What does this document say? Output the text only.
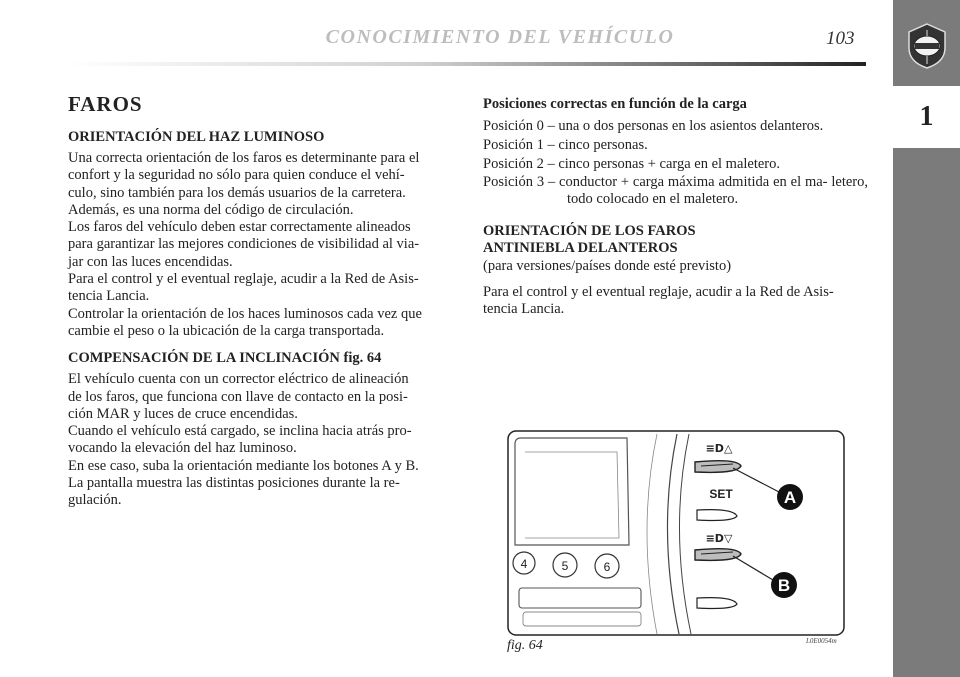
CONOCIMIENTO DEL VEHÍCULO	103
1
FAROS
ORIENTACIÓN DEL HAZ LUMINOSO

Una correcta orientación de los faros es determinante para el
confort y la seguridad no sólo para quien conduce el vehí-
culo, sino también para los demás usuarios de la carretera.
Además, es una norma del código de circulación.
Los faros del vehículo deben estar correctamente alineados
para garantizar las mejores condiciones de visibilidad al via-
jar con las luces encendidas.
Para el control y el eventual reglaje, acudir a la Red de Asis-
tencia Lancia.
Controlar la orientación de los haces luminosos cada vez que
cambie el peso o la ubicación de la carga transportada.

COMPENSACIÓN DE LA INCLINACIÓN fig. 64

El vehículo cuenta con un corrector eléctrico de alineación
de los faros, que funciona con llave de contacto en la posi-
ción MAR y luces de cruce encendidas.
Cuando el vehículo está cargado, se inclina hacia atrás pro-
vocando la elevación del haz luminoso.
En ese caso, suba la orientación mediante los botones A y B.
La pantalla muestra las distintas posiciones durante la re-
gulación.

Posiciones correctas en función de la carga

Posición 0 – una o dos personas en los asientos delanteros.

Posición 1 – cinco personas.

Posición 2 – cinco personas + carga en el maletero.

Posición 3 – conductor + carga máxima admitida en el ma- letero, todo colocado en el maletero.

ORIENTACIÓN DE LOS FAROS
ANTINIEBLA DELANTEROS

(para versiones/países donde esté previsto)

Para el control y el eventual reglaje, acudir a la Red de Asis-
tencia Lancia.

4	5	6
≡D△
SET
≡D▽
A
B
fig. 64	L0E0054m
